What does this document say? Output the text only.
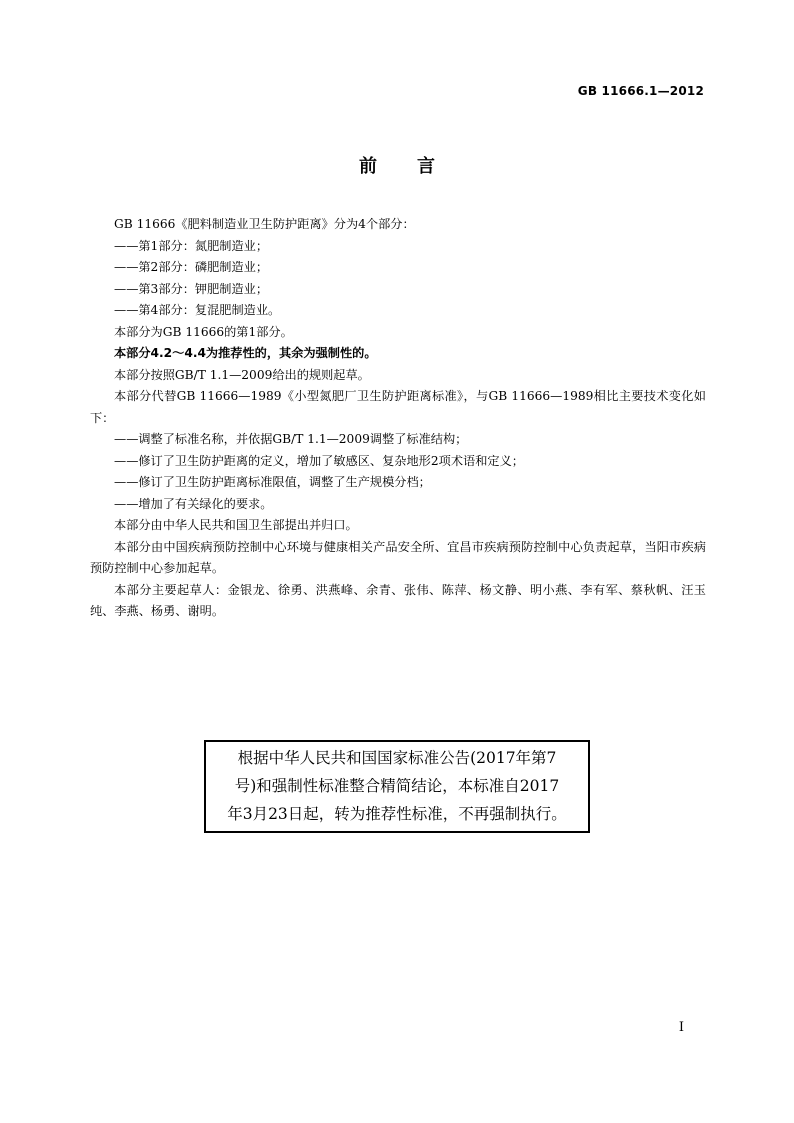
GB 11666.1—2012
前言

GB 11666《肥料制造业卫生防护距离》分为4个部分：

——第1部分：氮肥制造业；

——第2部分：磷肥制造业；

——第3部分：钾肥制造业；

——第4部分：复混肥制造业。

本部分为GB 11666的第1部分。

本部分4.2～4.4为推荐性的，其余为强制性的。

本部分按照GB/T 1.1—2009给出的规则起草。

本部分代替GB 11666—1989《小型氮肥厂卫生防护距离标准》，与GB 11666—1989相比主要技术变化如下：

——调整了标准名称，并依据GB/T 1.1—2009调整了标准结构；

——修订了卫生防护距离的定义，增加了敏感区、复杂地形2项术语和定义；

——修订了卫生防护距离标准限值，调整了生产规模分档；

——增加了有关绿化的要求。

本部分由中华人民共和国卫生部提出并归口。

本部分由中国疾病预防控制中心环境与健康相关产品安全所、宜昌市疾病预防控制中心负责起草，当阳市疾病预防控制中心参加起草。

本部分主要起草人：金银龙、徐勇、洪燕峰、余青、张伟、陈萍、杨文静、明小燕、李有军、蔡秋帆、汪玉纯、李燕、杨勇、谢明。

根据中华人民共和国国家标准公告(2017年第7
号)和强制性标准整合精简结论，本标准自2017
年3月23日起，转为推荐性标准，不再强制执行。
I
